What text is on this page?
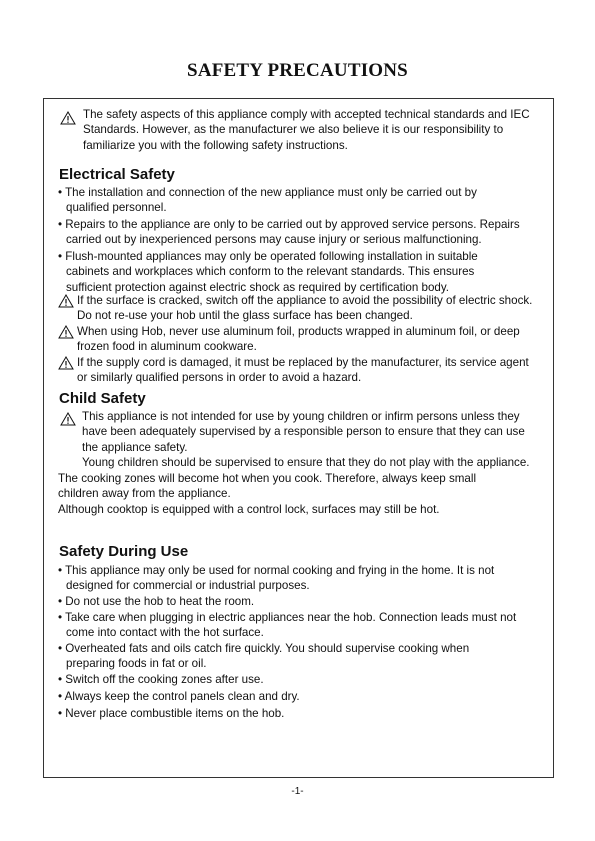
SAFETY PRECAUTIONS
The safety aspects of this appliance comply with accepted technical standards and IEC
Standards. However, as the manufacturer we also believe it is our responsibility to
familiarize you with the following safety instructions.
Electrical Safety
• The installation and connection of the new appliance must only be carried out by
qualified personnel.
• Repairs to the appliance are only to be carried out by approved service persons. Repairs
carried out by inexperienced persons may cause injury or serious malfunctioning.
• Flush-mounted appliances may only be operated following installation in suitable
cabinets and workplaces which conform to the relevant standards. This ensures
sufficient protection against electric shock as required by certification body.
If the surface is cracked, switch off the appliance to avoid the possibility of electric shock.
Do not re-use your hob until the glass surface has been changed.
When using Hob, never use aluminum foil, products wrapped in aluminum foil, or deep
frozen food in aluminum cookware.
If the supply cord is damaged, it must be replaced by the manufacturer, its service agent
or similarly qualified persons in order to avoid a hazard.
Child Safety
This appliance is not intended for use by young children or infirm persons unless they
have been adequately supervised by a responsible person to ensure that they can use
the appliance safety.
Young children should be supervised to ensure that they do not play with the appliance.
The cooking zones will become hot when you cook. Therefore, always keep small
children away from the appliance.
Although cooktop is equipped with a control lock, surfaces may still be hot.
Safety During Use
• This appliance may only be used for normal cooking and frying in the home. It is not
designed for commercial or industrial purposes.
• Do not use the hob to heat the room.
• Take care when plugging in electric appliances near the hob. Connection leads must not
come into contact with the hot surface.
• Overheated fats and oils catch fire quickly. You should supervise cooking when
preparing foods in fat or oil.
• Switch off the cooking zones after use.
• Always keep the control panels clean and dry.
• Never place combustible items on the hob.
-1-
